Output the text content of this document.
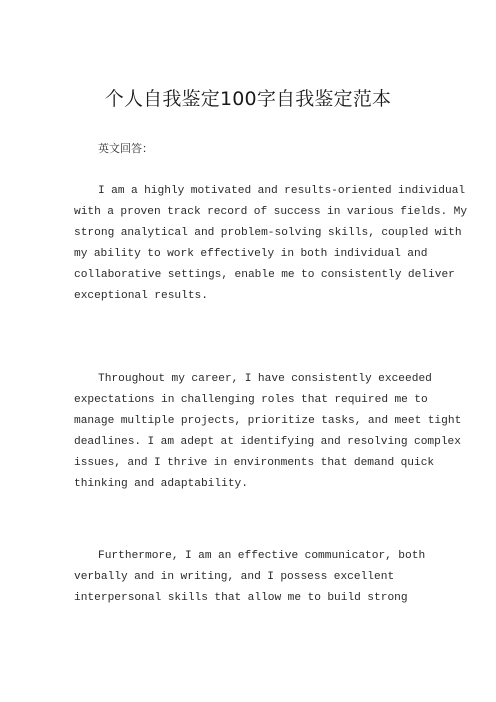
个人自我鉴定100字自我鉴定范本
英文回答：

I am a highly motivated and results-oriented individual
with a proven track record of success in various fields. My
strong analytical and problem-solving skills, coupled with
my ability to work effectively in both individual and
collaborative settings, enable me to consistently deliver
exceptional results.

Throughout my career, I have consistently exceeded
expectations in challenging roles that required me to
manage multiple projects, prioritize tasks, and meet tight
deadlines. I am adept at identifying and resolving complex
issues, and I thrive in environments that demand quick
thinking and adaptability.

Furthermore, I am an effective communicator, both
verbally and in writing, and I possess excellent
interpersonal skills that allow me to build strong
